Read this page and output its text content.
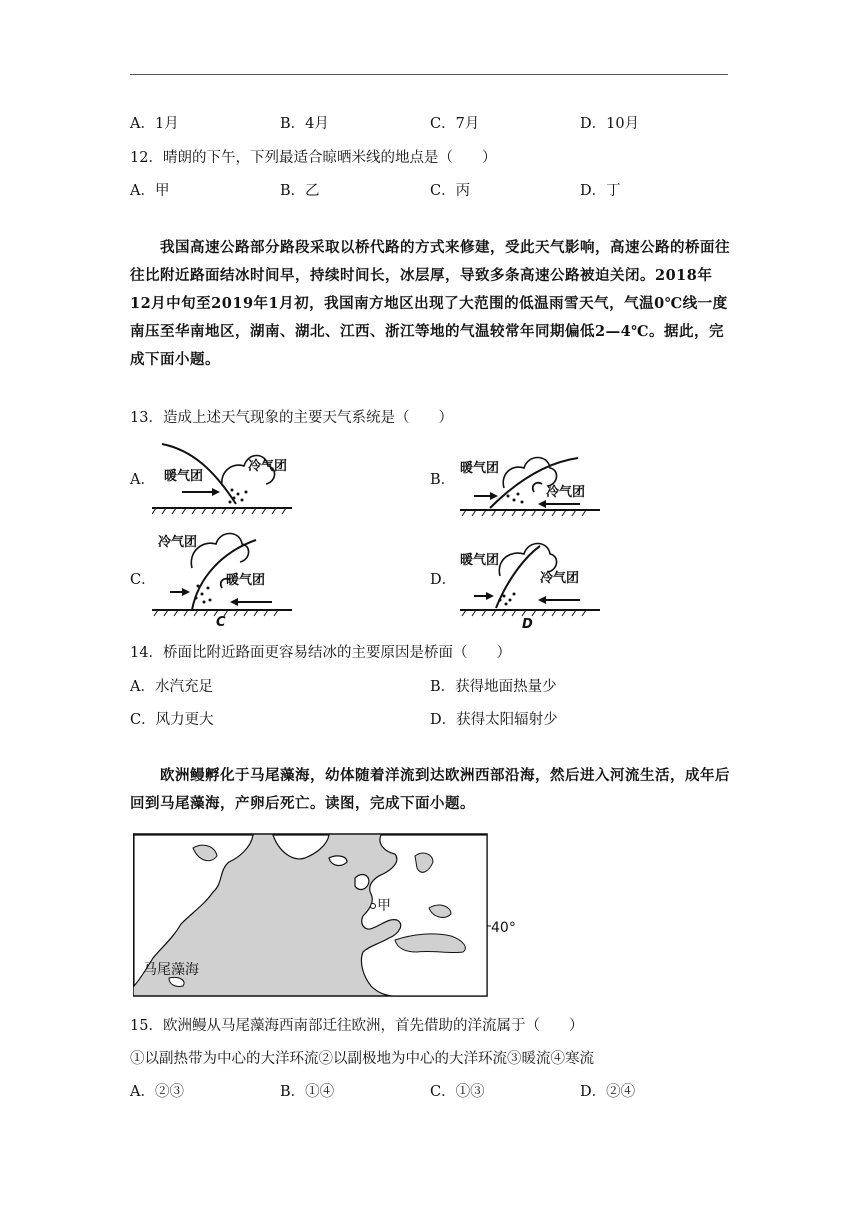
A．1月	B．4月	C．7月	D．10月
12．晴朗的下午，下列最适合晾晒米线的地点是（　　）
A．甲	B．乙	C．丙	D．丁
我国高速公路部分路段采取以桥代路的方式来修建，受此天气影响，高速公路的桥面往往比附近路面结冰时间早，持续时间长，冰层厚，导致多条高速公路被迫关闭。2018年12月中旬至2019年1月初，我国南方地区出现了大范围的低温雨雪天气，气温0℃线一度南压至华南地区，湖南、湖北、江西、浙江等地的气温较常年同期偏低2—4℃。据此，完成下面小题。
13．造成上述天气现象的主要天气系统是（　　）
A．	B．
C．	D．
暖气团
冷气团	暖气团
冷气团
冷气团
暖气团
C
暖气团
冷气团
D
14．桥面比附近路面更容易结冰的主要原因是桥面（　　）
A．水汽充足	B．获得地面热量少
C．风力更大	D．获得太阳辐射少
欧洲鳗孵化于马尾藻海，幼体随着洋流到达欧洲西部沿海，然后进入河流生活，成年后回到马尾藻海，产卵后死亡。读图，完成下面小题。
甲
马尾藻海
40°
15．欧洲鳗从马尾藻海西南部迁往欧洲，首先借助的洋流属于（　　）
①以副热带为中心的大洋环流②以副极地为中心的大洋环流③暖流④寒流
A．②③	B．①④	C．①③	D．②④
